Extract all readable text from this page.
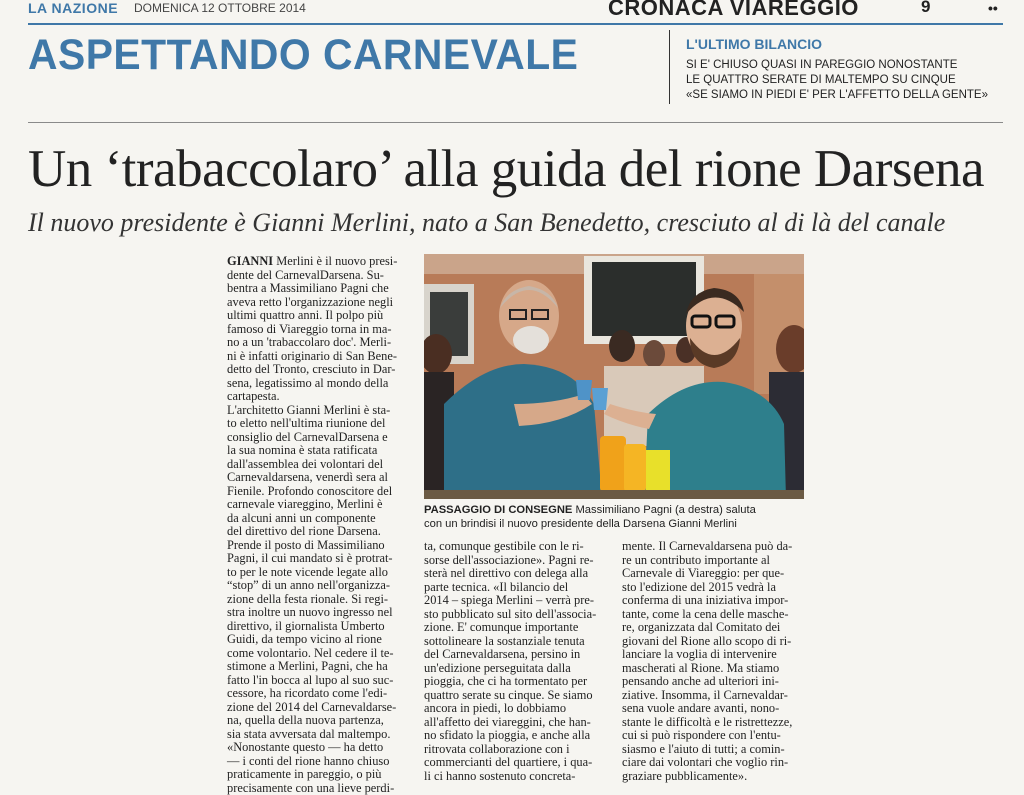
LA NAZIONE DOMENICA 12 OTTOBRE 2014	CRONACA VIAREGGIO	9	••
ASPETTANDO CARNEVALE	L'ULTIMO BILANCIO
SI E' CHIUSO QUASI IN PAREGGIO NONOSTANTE
LE QUATTRO SERATE DI MALTEMPO SU CINQUE
«SE SIAMO IN PIEDI E' PER L'AFFETTO DELLA GENTE»
Un ‘trabaccolaro’ alla guida del rione Darsena
Il nuovo presidente è Gianni Merlini, nato a San Benedetto, cresciuto al di là del canale
GIANNI Merlini è il nuovo presi-
dente del CarnevalDarsena. Su-
bentra a Massimiliano Pagni che
aveva retto l'organizzazione negli
ultimi quattro anni. Il polpo più
famoso di Viareggio torna in ma-
no a un 'trabaccolaro doc'. Merli-
ni è infatti originario di San Bene-
detto del Tronto, cresciuto in Dar-
sena, legatissimo al mondo della
cartapesta.
L'architetto Gianni Merlini è sta-
to eletto nell'ultima riunione del
consiglio del CarnevalDarsena e
la sua nomina è stata ratificata
dall'assemblea dei volontari del
Carnevaldarsena, venerdì sera al
Fienile. Profondo conoscitore del
carnevale viareggino, Merlini è
da alcuni anni un componente
del direttivo del rione Darsena.
Prende il posto di Massimiliano
Pagni, il cui mandato si è protrat-
to per le note vicende legate allo
“stop” di un anno nell'organizza-
zione della festa rionale. Si regi-
stra inoltre un nuovo ingresso nel
direttivo, il giornalista Umberto
Guidi, da tempo vicino al rione
come volontario. Nel cedere il te-
stimone a Merlini, Pagni, che ha
fatto l'in bocca al lupo al suo suc-
cessore, ha ricordato come l'edi-
zione del 2014 del Carnevaldarse-
na, quella della nuova partenza,
sia stata avversata dal maltempo.
«Nonostante questo — ha detto
— i conti del rione hanno chiuso
praticamente in pareggio, o più
precisamente con una lieve perdi-
PASSAGGIO DI CONSEGNE Massimiliano Pagni (a destra) saluta
con un brindisi il nuovo presidente della Darsena Gianni Merlini
ta, comunque gestibile con le ri-
sorse dell'associazione». Pagni re-
sterà nel direttivo con delega alla
parte tecnica. «Il bilancio del
2014 – spiega Merlini – verrà pre-
sto pubblicato sul sito dell'associa-
zione. E' comunque importante
sottolineare la sostanziale tenuta
del Carnevaldarsena, persino in
un'edizione perseguitata dalla
pioggia, che ci ha tormentato per
quattro serate su cinque. Se siamo
ancora in piedi, lo dobbiamo
all'affetto dei viareggini, che han-
no sfidato la pioggia, e anche alla
ritrovata collaborazione con i
commercianti del quartiere, i qua-
li ci hanno sostenuto concreta-
mente. Il Carnevaldarsena può da-
re un contributo importante al
Carnevale di Viareggio: per que-
sto l'edizione del 2015 vedrà la
conferma di una iniziativa impor-
tante, come la cena delle masche-
re, organizzata dal Comitato dei
giovani del Rione allo scopo di ri-
lanciare la voglia di intervenire
mascherati al Rione. Ma stiamo
pensando anche ad ulteriori ini-
ziative. Insomma, il Carnevaldar-
sena vuole andare avanti, nono-
stante le difficoltà e le ristrettezze,
cui si può rispondere con l'entu-
siasmo e l'aiuto di tutti; a comin-
ciare dai volontari che voglio rin-
graziare pubblicamente».
